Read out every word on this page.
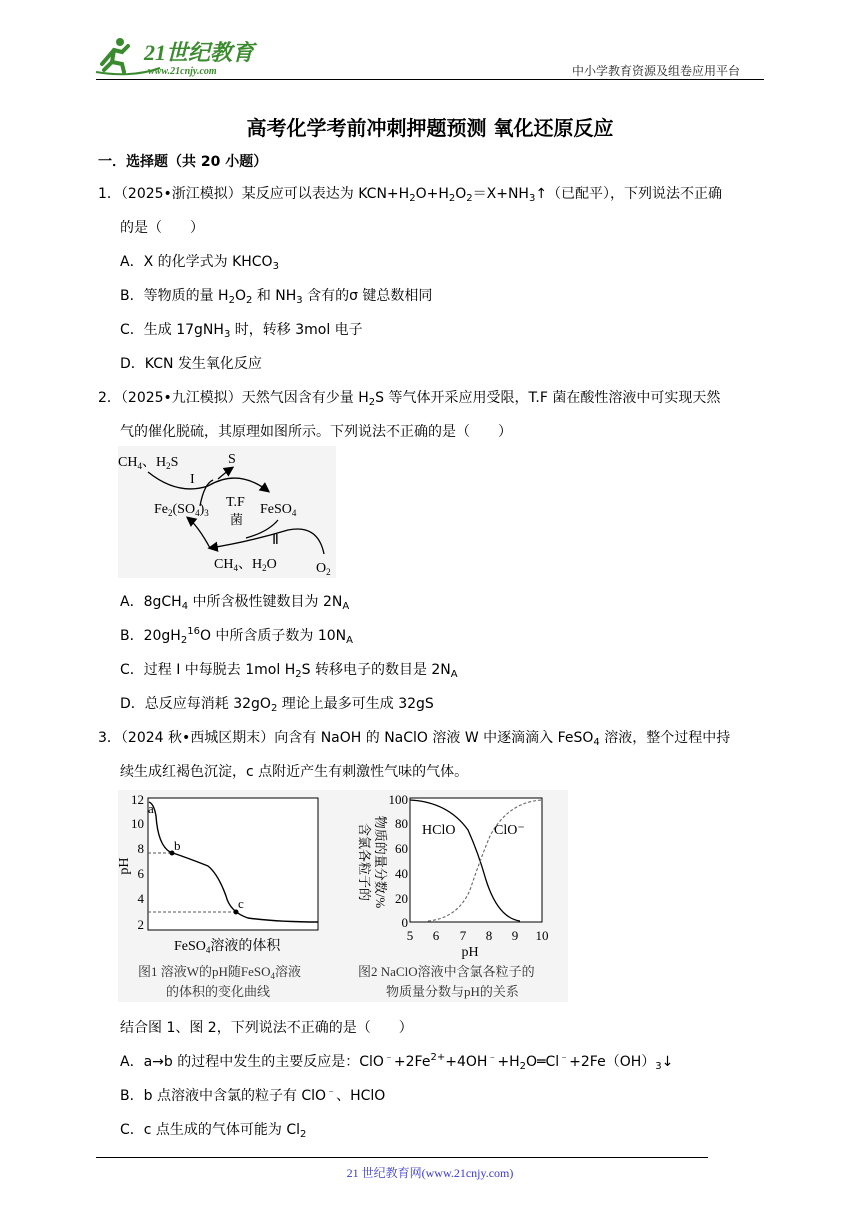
21世纪教育
www.21cnjy.com	中小学教育资源及组卷应用平台
高考化学考前冲刺押题预测 氧化还原反应
一．选择题（共 20 小题）
1．（2025•浙江模拟）某反应可以表达为 $KCN+H_2O+H_2O_2=X+NH_3↑$（已配平），下列说法不正确
的是（　　）
A．X 的化学式为 $KHCO_3$
B．等物质的量 $H_2O_2$ 和 $NH_3$ 含有的σ 键总数相同
C．生成 17gNH$_3$ 时，转移 3mol 电子
D．KCN 发生氧化反应
2．（2025•九江模拟）天然气因含有少量 $H_2S$ 等气体开采应用受限，T.F 菌在酸性溶液中可实现天然
气的催化脱硫，其原理如图所示。下列说法不正确的是（　　）
$CH_4$、$H_2S$	S
I
T.F
菌
$Fe_2(SO_4)_3$	FeSO$_4$
Ⅱ
$CH_4$、$H_2O$	$O_2$
A．8gCH$_4$ 中所含极性键数目为 $2N_A$
B．$20gH_2^{16}O$ 中所含质子数为 $10N_A$
C．过程 I 中每脱去 1mol $H_2S$ 转移电子的数目是 $2N_A$
D．总反应每消耗 $32gO_2$ 理论上最多可生成 32gS
3．（2024 秋•西城区期末）向含有 NaOH 的 NaClO 溶液 W 中逐滴滴入 FeSO$_4$ 溶液，整个过程中持
续生成红褐色沉淀，c 点附近产生有刺激性气味的气体。
12
10
8
6
4
2
pH
a
b
c
FeSO$_4$溶液的体积
图1 溶液W的pH随FeSO$_4$溶液
的体积的变化曲线
100
80
60
40
20
0
5 6 7 8 9 10
pH
含氯各粒子的 物质的量分数/% HClO	ClO⁻
图2 NaClO溶液中含氯各粒子的
物质量分数与pH的关系
结合图 1、图 2，下列说法不正确的是（　　）
A．a→b 的过程中发生的主要反应是：$ClO^﹣+2Fe^{2+}+4OH^﹣+H_2O═Cl^﹣+2Fe(OH)_3↓$
B．b 点溶液中含氯的粒子有 ClO﹣、HClO
C．c 点生成的气体可能为 $Cl_2$
21 世纪教育网(www.21cnjy.com)
